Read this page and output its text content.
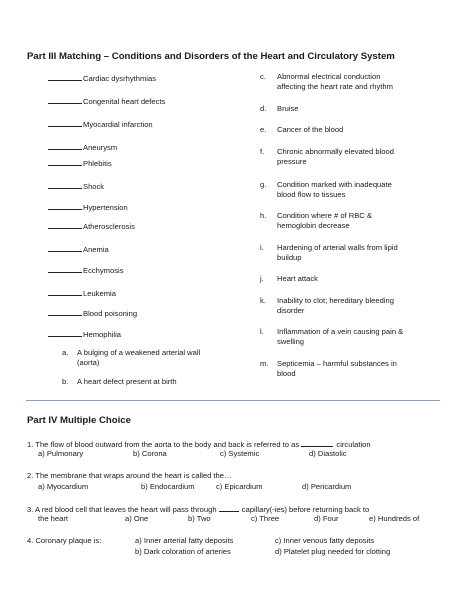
Part III Matching – Conditions and Disorders of the Heart and Circulatory System
Cardiac dysrhythmias
Congenital heart defects
Myocardial infarction
Aneurysm
Phlebitis
Shock
Hypertension
Atherosclerosis
Anemia
Ecchymosis
Leukemia
Blood poisoning
Hemophilia
a. A bulging of a weakened arterial wall
(aorta)
b. A heart defect present at birth
c. Abnormal electrical conduction
affecting the heart rate and rhythm
d. Bruise
e. Cancer of the blood
f. Chronic abnormally elevated blood
pressure
g. Condition marked with inadequate
blood flow to tissues
h. Condition where # of RBC &
hemoglobin decrease
i. Hardening of arterial walls from lipid
buildup
j. Heart attack
k. Inability to clot; hereditary bleeding
disorder
l. Inflammation of a vein causing pain &
swelling
m. Septicemia – harmful substances in
blood
Part IV Multiple Choice
1. The flow of blood outward from the aorta to the body and back is referred to as	circulation
a) Pulmonary	b) Corona	c) Systemic	d) Diastolic
2. The membrane that wraps around the heart is called the…
a) Myocardium	b) Endocardium	c) Epicardium	d) Pericardium
3. A red blood cell that leaves the heart will pass through	capillary(-ies) before returning back to
the heart	a) One	b) Two	c) Three	d) Four	e) Hundreds of
4. Coronary plaque is:	a) Inner arterial fatty deposits	c) Inner venous fatty deposits
b) Dark coloration of arteries	d) Platelet plug needed for clotting
